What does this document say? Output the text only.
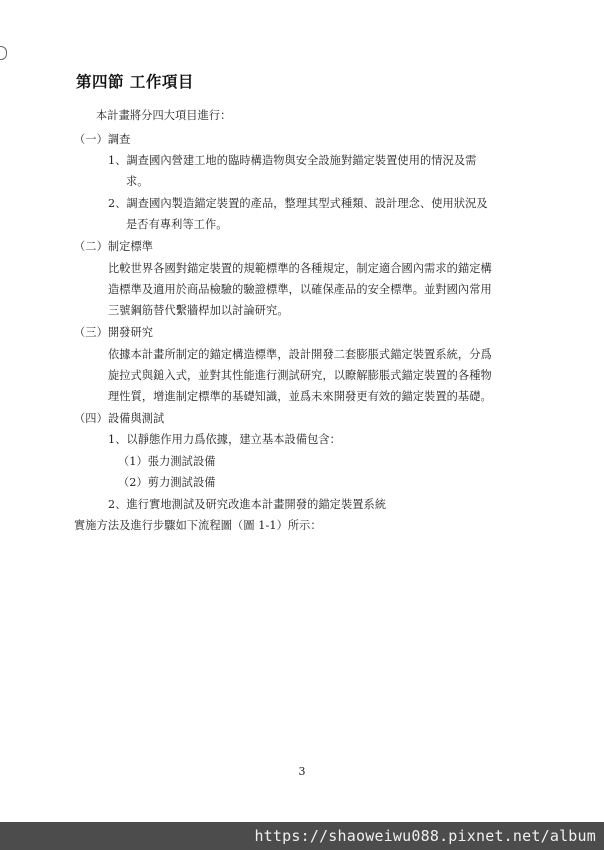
第四節 工作項目
本計畫將分四大項目進行：
（一）調查
1、調查國內營建工地的臨時構造物與安全設施對錨定裝置使用的情況及需
求。
2、調查國內製造錨定裝置的產品，整理其型式種類、設計理念、使用狀況及
是否有專利等工作。
（二）制定標準
比較世界各國對錨定裝置的規範標準的各種規定，制定適合國內需求的錨定構
造標準及適用於商品檢驗的驗證標準，以確保產品的安全標準。並對國內常用
三號鋼筋替代繫牆桿加以討論研究。
（三）開發研究
依據本計畫所制定的錨定構造標準，設計開發二套膨脹式錨定裝置系統，分爲
旋拉式與鎚入式，並對其性能進行測試研究，以瞭解膨脹式錨定裝置的各種物
理性質，增進制定標準的基礎知識，並爲未來開發更有效的錨定裝置的基礎。
（四）設備與測試
1、以靜態作用力爲依據，建立基本設備包含：
（1）張力測試設備
（2）剪力測試設備
2、進行實地測試及研究改進本計畫開發的錨定裝置系統
實施方法及進行步驟如下流程圖（圖 1-1）所示：
3
https://shaoweiwu088.pixnet.net/album
